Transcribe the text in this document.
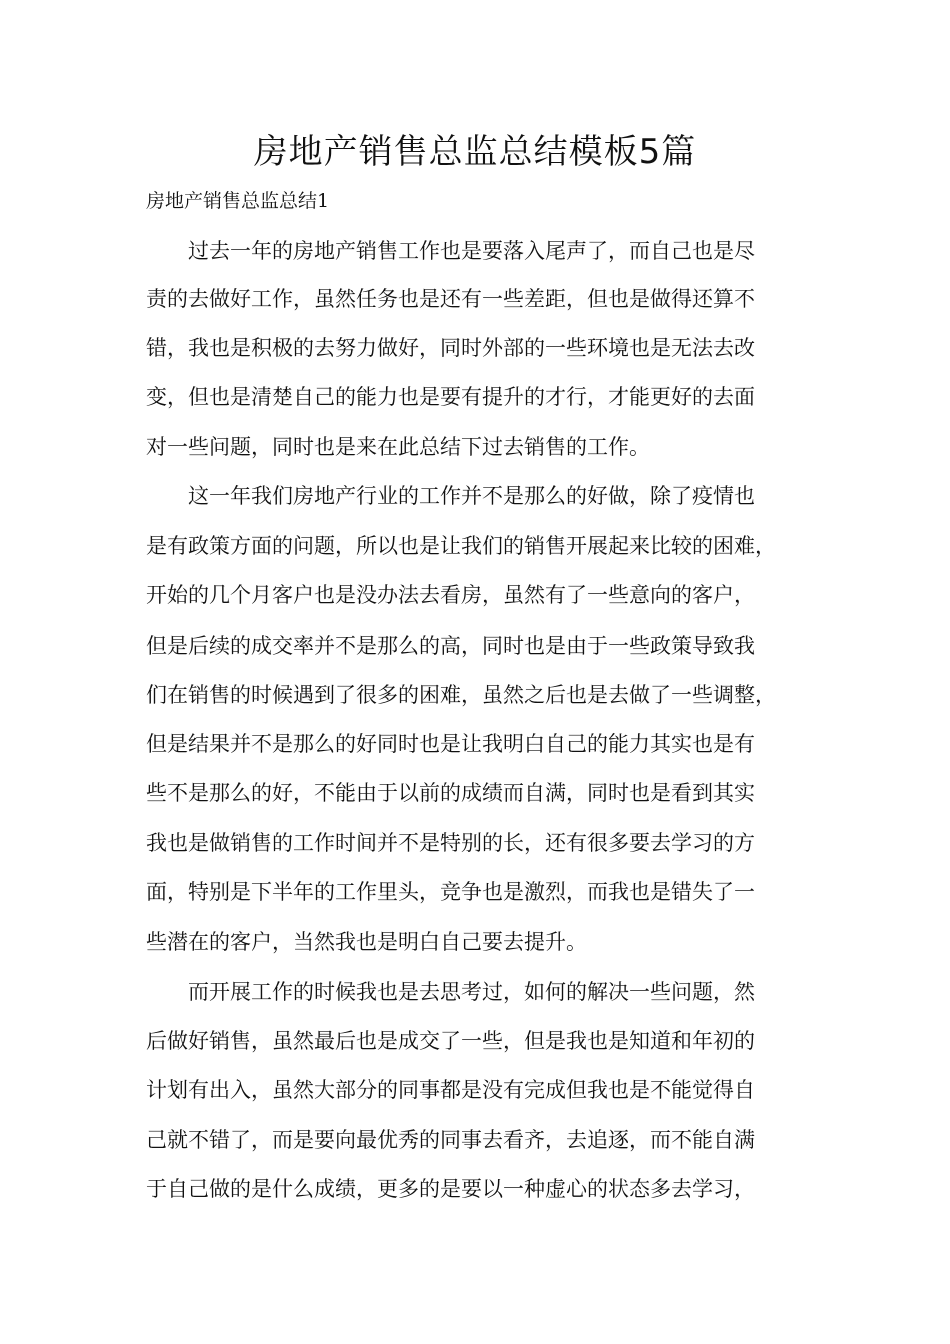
房地产销售总监总结模板5篇
房地产销售总监总结1

过去一年的房地产销售工作也是要落入尾声了，而自己也是尽

责的去做好工作，虽然任务也是还有一些差距，但也是做得还算不

错，我也是积极的去努力做好，同时外部的一些环境也是无法去改

变，但也是清楚自己的能力也是要有提升的才行，才能更好的去面

对一些问题，同时也是来在此总结下过去销售的工作。

这一年我们房地产行业的工作并不是那么的好做，除了疫情也

是有政策方面的问题，所以也是让我们的销售开展起来比较的困难，

开始的几个月客户也是没办法去看房，虽然有了一些意向的客户，

但是后续的成交率并不是那么的高，同时也是由于一些政策导致我

们在销售的时候遇到了很多的困难，虽然之后也是去做了一些调整，

但是结果并不是那么的好同时也是让我明白自己的能力其实也是有

些不是那么的好，不能由于以前的成绩而自满，同时也是看到其实

我也是做销售的工作时间并不是特别的长，还有很多要去学习的方

面，特别是下半年的工作里头，竞争也是激烈，而我也是错失了一

些潜在的客户，当然我也是明白自己要去提升。

而开展工作的时候我也是去思考过，如何的解决一些问题，然

后做好销售，虽然最后也是成交了一些，但是我也是知道和年初的

计划有出入，虽然大部分的同事都是没有完成但我也是不能觉得自

己就不错了，而是要向最优秀的同事去看齐，去追逐，而不能自满

于自己做的是什么成绩，更多的是要以一种虚心的状态多去学习，
